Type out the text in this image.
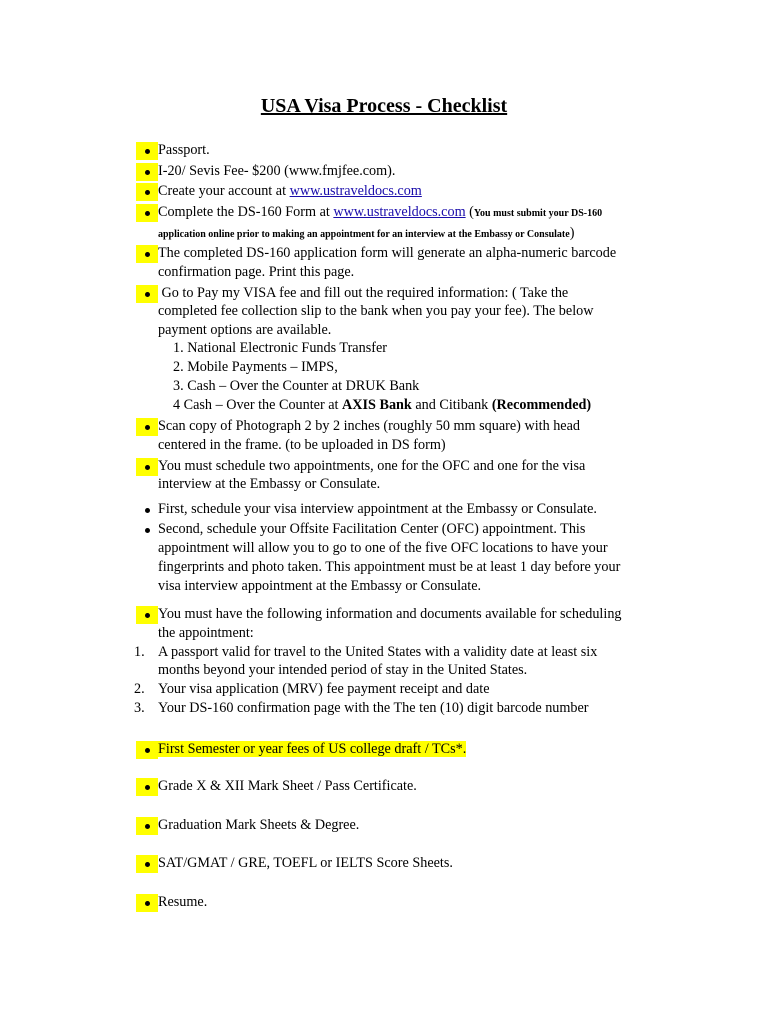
USA Visa Process - Checklist
Passport.
I-20/ Sevis Fee- $200 (www.fmjfee.com).
Create your account at www.ustraveldocs.com
Complete the DS-160 Form at www.ustraveldocs.com (You must submit your DS-160
application online prior to making an appointment for an interview at the Embassy or Consulate)
The completed DS-160 application form will generate an alpha-numeric barcode
confirmation page. Print this page.
Go to Pay my VISA fee and fill out the required information: ( Take the
completed fee collection slip to the bank when you pay your fee). The below
payment options are available.
1. National Electronic Funds Transfer
2. Mobile Payments – IMPS,
3. Cash – Over the Counter at DRUK Bank
4 Cash – Over the Counter at AXIS Bank and Citibank (Recommended)
Scan copy of Photograph 2 by 2 inches (roughly 50 mm square) with head
centered in the frame. (to be uploaded in DS form)
You must schedule two appointments, one for the OFC and one for the visa
interview at the Embassy or Consulate.
First, schedule your visa interview appointment at the Embassy or Consulate.
Second, schedule your Offsite Facilitation Center (OFC) appointment. This
appointment will allow you to go to one of the five OFC locations to have your
fingerprints and photo taken. This appointment must be at least 1 day before your
visa interview appointment at the Embassy or Consulate.
You must have the following information and documents available for scheduling
the appointment:
1. A passport valid for travel to the United States with a validity date at least six
months beyond your intended period of stay in the United States.
2. Your visa application (MRV) fee payment receipt and date
3. Your DS-160 confirmation page with the The ten (10) digit barcode number
First Semester or year fees of US college draft / TCs*.
Grade X & XII Mark Sheet / Pass Certificate.
Graduation Mark Sheets & Degree.
SAT/GMAT / GRE, TOEFL or IELTS Score Sheets.
Resume.
